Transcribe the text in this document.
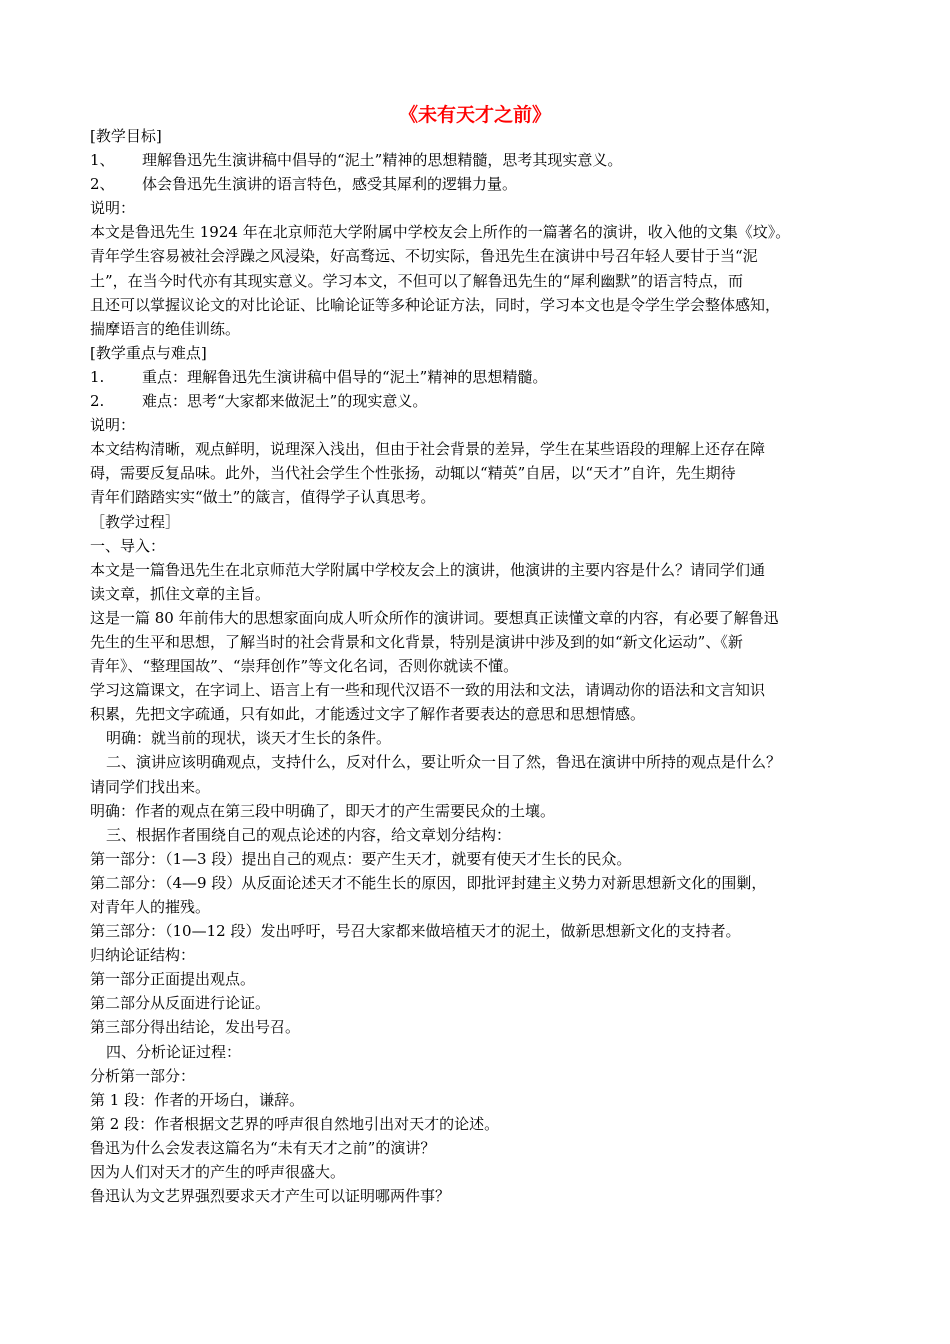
《未有天才之前》
[教学目标]
1、 理解鲁迅先生演讲稿中倡导的“泥土”精神的思想精髓，思考其现实意义。
2、 体会鲁迅先生演讲的语言特色，感受其犀利的逻辑力量。
说明：
本文是鲁迅先生 1924 年在北京师范大学附属中学校友会上所作的一篇著名的演讲，收入他的文集《坟》。
青年学生容易被社会浮躁之风浸染，好高骛远、不切实际，鲁迅先生在演讲中号召年轻人要甘于当“泥
土”，在当今时代亦有其现实意义。学习本文，不但可以了解鲁迅先生的“犀利幽默”的语言特点，而
且还可以掌握议论文的对比论证、比喻论证等多种论证方法，同时，学习本文也是令学生学会整体感知，
揣摩语言的绝佳训练。
[教学重点与难点]
1.	重点：理解鲁迅先生演讲稿中倡导的“泥土”精神的思想精髓。
2.	难点：思考“大家都来做泥土”的现实意义。
说明：
本文结构清晰，观点鲜明，说理深入浅出，但由于社会背景的差异，学生在某些语段的理解上还存在障
碍，需要反复品味。此外，当代社会学生个性张扬，动辄以“精英”自居，以“天才”自许，先生期待
青年们踏踏实实“做土”的箴言，值得学子认真思考。
［教学过程］
一、导入：
本文是一篇鲁迅先生在北京师范大学附属中学校友会上的演讲，他演讲的主要内容是什么？请同学们通
读文章，抓住文章的主旨。
这是一篇 80 年前伟大的思想家面向成人听众所作的演讲词。要想真正读懂文章的内容，有必要了解鲁迅
先生的生平和思想，了解当时的社会背景和文化背景，特别是演讲中涉及到的如“新文化运动”、《新
青年》、“整理国故”、“崇拜创作”等文化名词，否则你就读不懂。
学习这篇课文，在字词上、语言上有一些和现代汉语不一致的用法和文法，请调动你的语法和文言知识
积累，先把文字疏通，只有如此，才能透过文字了解作者要表达的意思和思想情感。
明确：就当前的现状，谈天才生长的条件。
二、演讲应该明确观点，支持什么，反对什么，要让听众一目了然，鲁迅在演讲中所持的观点是什么？
请同学们找出来。
明确：作者的观点在第三段中明确了，即天才的产生需要民众的土壤。
三、根据作者围绕自己的观点论述的内容，给文章划分结构：
第一部分：（1—3 段）提出自己的观点：要产生天才，就要有使天才生长的民众。
第二部分：（4—9 段）从反面论述天才不能生长的原因，即批评封建主义势力对新思想新文化的围剿，
对青年人的摧残。
第三部分：（10—12 段）发出呼吁，号召大家都来做培植天才的泥土，做新思想新文化的支持者。
归纳论证结构：
第一部分正面提出观点。
第二部分从反面进行论证。
第三部分得出结论，发出号召。
四、分析论证过程：
分析第一部分：
第 1 段：作者的开场白，谦辞。
第 2 段：作者根据文艺界的呼声很自然地引出对天才的论述。
鲁迅为什么会发表这篇名为“未有天才之前”的演讲？
因为人们对天才的产生的呼声很盛大。
鲁迅认为文艺界强烈要求天才产生可以证明哪两件事？
